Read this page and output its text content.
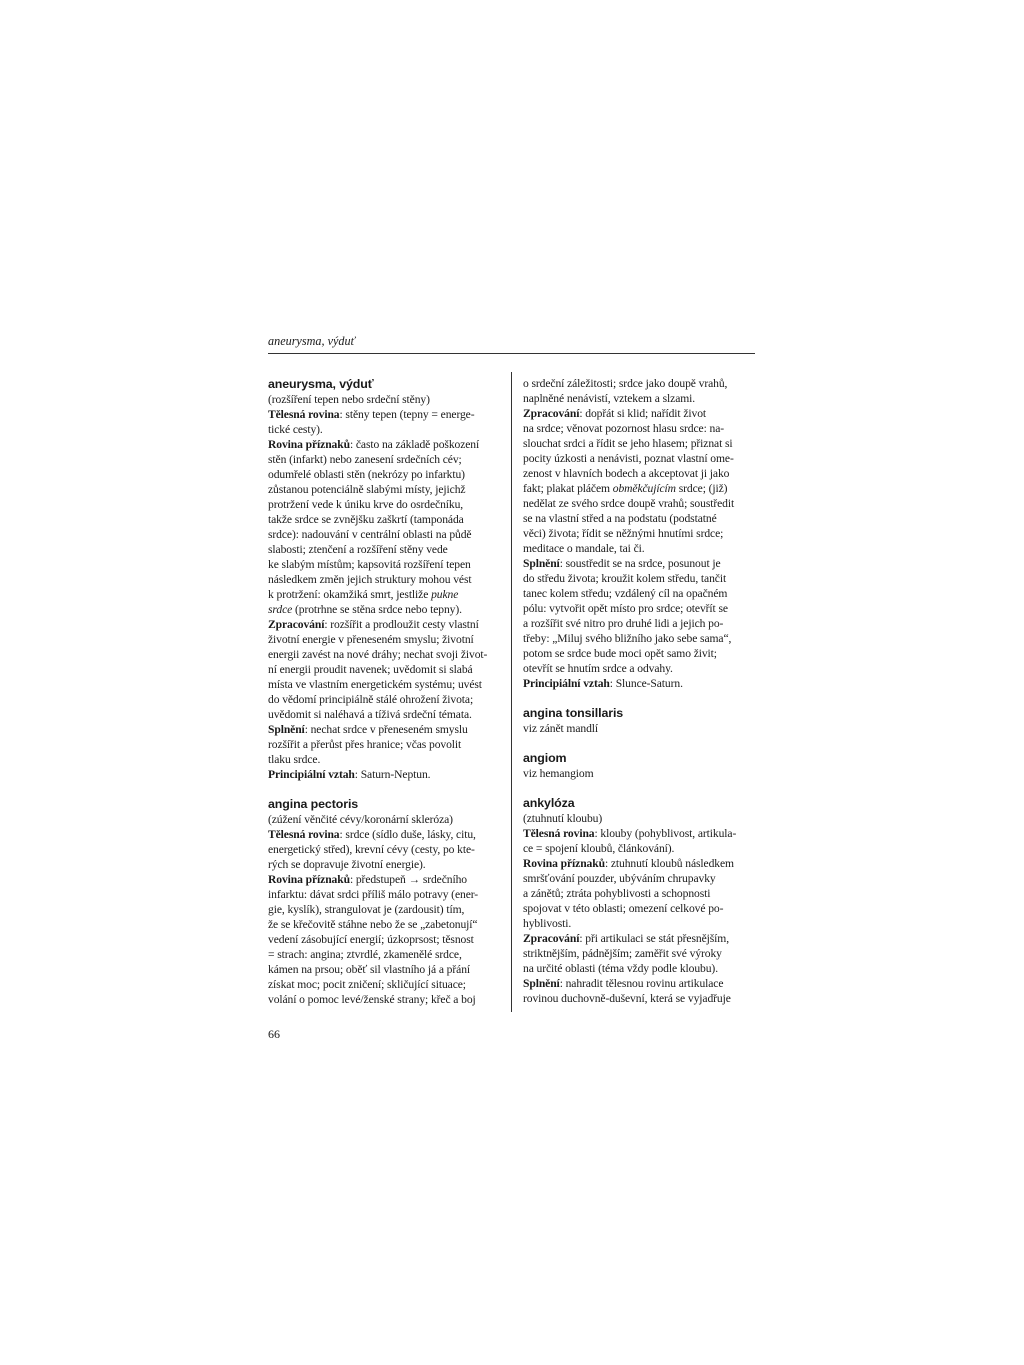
aneurysma, výduť
aneurysma, výduť
(rozšíření tepen nebo srdeční stěny)
Tělesná rovina: stěny tepen (tepny = energe-
tické cesty).
Rovina příznaků: často na základě poškození
stěn (infarkt) nebo zanesení srdečních cév;
odumřelé oblasti stěn (nekrózy po infarktu)
zůstanou potenciálně slabými místy, jejichž
protržení vede k úniku krve do osrdečníku,
takže srdce se zvnějšku zaškrtí (tamponáda
srdce): nadouvání v centrální oblasti na půdě
slabosti; ztenčení a rozšíření stěny vede
ke slabým místům; kapsovitá rozšíření tepen
následkem změn jejich struktury mohou vést
k protržení: okamžiká smrt, jestliže pukne
srdce (protrhne se stěna srdce nebo tepny).
Zpracování: rozšířit a prodloužit cesty vlastní
životní energie v přeneseném smyslu; životní
energii zavést na nové dráhy; nechat svoji život-
ní energii proudit navenek; uvědomit si slabá
místa ve vlastním energetickém systému; uvést
do vědomí principiálně stálé ohrožení života;
uvědomit si naléhavá a tíživá srdeční témata.
Splnění: nechat srdce v přeneseném smyslu
rozšířit a přerůst přes hranice; včas povolit
tlaku srdce.
Principiální vztah: Saturn-Neptun.
angina pectoris
(zúžení věnčité cévy/koronární skleróza)
Tělesná rovina: srdce (sídlo duše, lásky, citu,
energetický střed), krevní cévy (cesty, po kte-
rých se dopravuje životní energie).
Rovina příznaků: předstupeň → srdečního
infarktu: dávat srdci příliš málo potravy (ener-
gie, kyslík), strangulovat je (zardousit) tím,
že se křečovitě stáhne nebo že se „zabetonují“
vedení zásobující energií; úzkoprsost; těsnost
= strach: angina; ztvrdlé, zkamenělé srdce,
kámen na prsou; oběť sil vlastního já a přání
získat moc; pocit zničení; skličující situace;
volání o pomoc levé/ženské strany; křeč a boj
o srdeční záležitosti; srdce jako doupě vrahů,
naplněné nenávistí, vztekem a slzami.
Zpracování: dopřát si klid; nařídit život
na srdce; věnovat pozornost hlasu srdce: na-
slouchat srdci a řídit se jeho hlasem; přiznat si
pocity úzkosti a nenávisti, poznat vlastní ome-
zenost v hlavních bodech a akceptovat ji jako
fakt; plakat pláčem obměkčujícím srdce; (již)
nedělat ze svého srdce doupě vrahů; soustředit
se na vlastní střed a na podstatu (podstatné
věci) života; řídit se něžnými hnutími srdce;
meditace o mandale, tai či.
Splnění: soustředit se na srdce, posunout je
do středu života; kroužit kolem středu, tančit
tanec kolem středu; vzdálený cíl na opačném
pólu: vytvořit opět místo pro srdce; otevřít se
a rozšířit své nitro pro druhé lidi a jejich po-
třeby: „Miluj svého bližního jako sebe sama“,
potom se srdce bude moci opět samo živit;
otevřít se hnutím srdce a odvahy.
Principiální vztah: Slunce-Saturn.
angina tonsillaris
viz zánět mandlí
angiom
viz hemangiom
ankylóza
(ztuhnutí kloubu)
Tělesná rovina: klouby (pohyblivost, artikula-
ce = spojení kloubů, článkování).
Rovina příznaků: ztuhnutí kloubů následkem
smršťování pouzder, ubýváním chrupavky
a zánětů; ztráta pohyblivosti a schopnosti
spojovat v této oblasti; omezení celkové po-
hyblivosti.
Zpracování: při artikulaci se stát přesnějším,
striktnějším, pádnějším; zaměřit své výroky
na určité oblasti (téma vždy podle kloubu).
Splnění: nahradit tělesnou rovinu artikulace
rovinou duchovně-duševní, která se vyjadřuje
66
